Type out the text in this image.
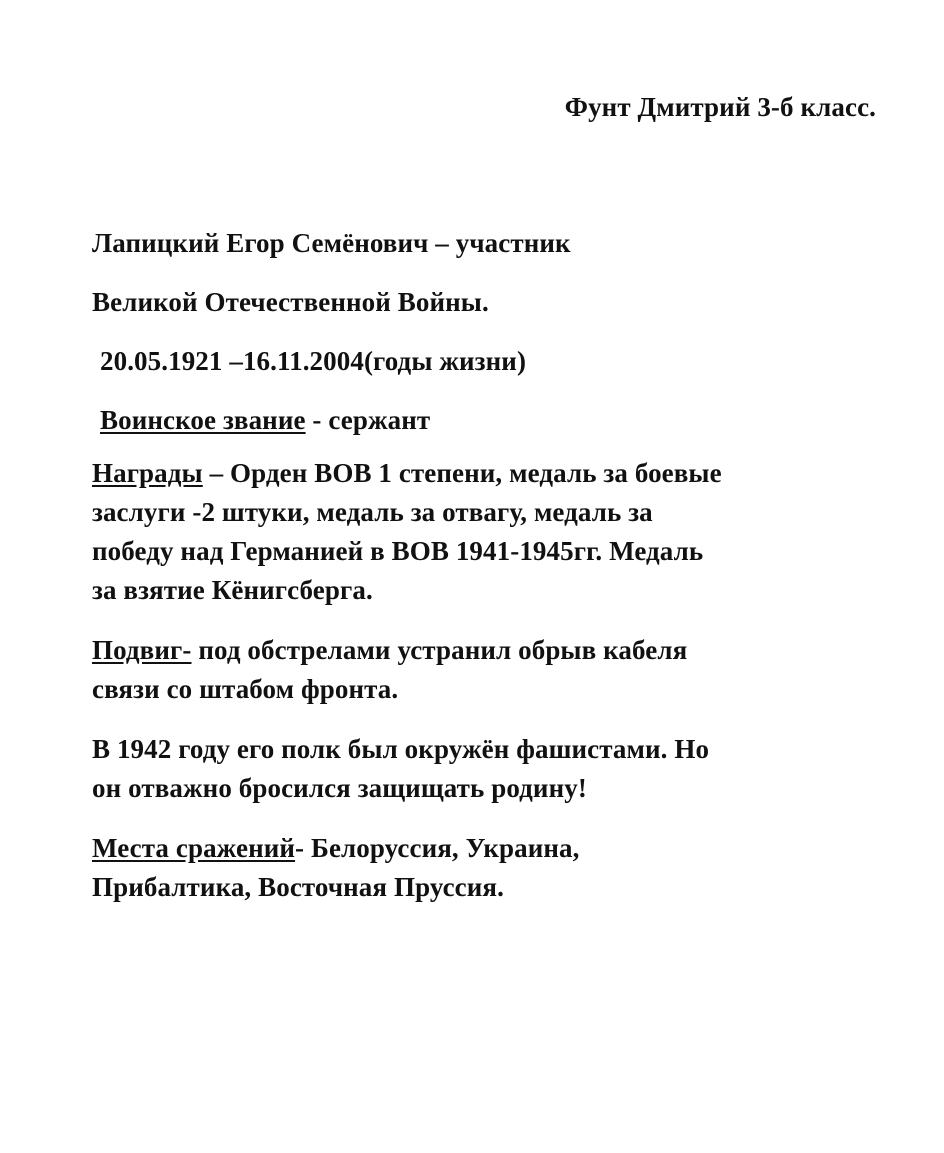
Фунт Дмитрий 3-б класс.
Лапицкий Егор Семёнович – участник
Великой Отечественной Войны.
20.05.1921 –16.11.2004(годы жизни)
Воинское звание - сержант
Награды – Орден ВОВ 1 степени, медаль за боевые
заслуги -2 штуки, медаль за отвагу, медаль за
победу над Германией в ВОВ 1941-1945гг. Медаль
за взятие Кёнигсберга.
Подвиг- под обстрелами устранил обрыв кабеля
связи со штабом фронта.
В 1942 году его полк был окружён фашистами. Но
он отважно бросился защищать родину!
Места сражений- Белоруссия, Украина,
Прибалтика, Восточная Пруссия.
